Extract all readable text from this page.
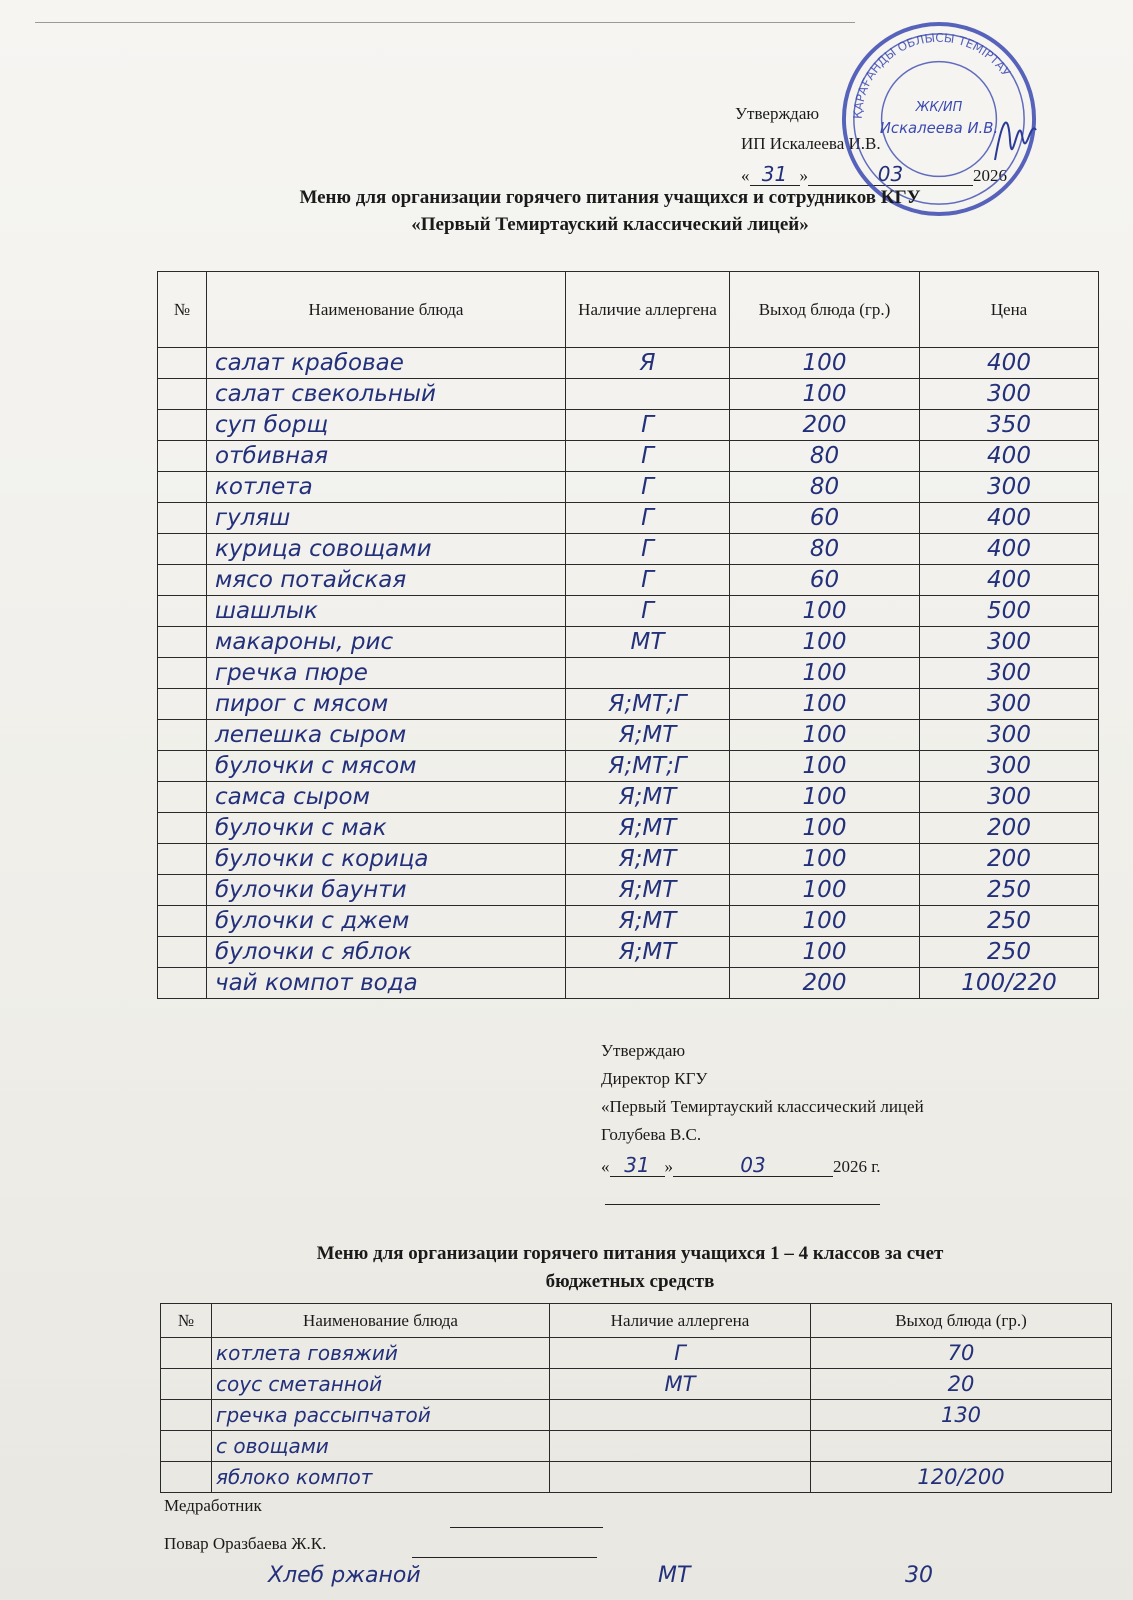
Утверждаю
ИП Искалеева И.В.
« 31 »	03	2026
ҚАРАҒАНДЫ ОБЛЫСЫ ТЕМІРТАУ
ЖК/ИП
Искалеева И.В.
Меню для организации горячего питания учащихся и сотрудников КГУ
«Первый Темиртауский классический лицей»
№	Наименование блюда	Наличие аллергена	Выход блюда (гр.)	Цена
	салат крабовае	Я	100	400
	салат свекольный		100	300
	суп борщ	Г	200	350
	отбивная	Г	80	400
	котлета	Г	80	300
	гуляш	Г	60	400
	курица совощами	Г	80	400
	мясо потайская	Г	60	400
	шашлык	Г	100	500
	макароны, рис	МТ	100	300
	гречка пюре		100	300
	пирог с мясом	Я;МТ;Г	100	300
	лепешка сыром	Я;МТ	100	300
	булочки с мясом	Я;МТ;Г	100	300
	самса сыром	Я;МТ	100	300
	булочки с мак	Я;МТ	100	200
	булочки с корица	Я;МТ	100	200
	булочки баунти	Я;МТ	100	250
	булочки с джем	Я;МТ	100	250
	булочки с яблок	Я;МТ	100	250
	чай компот вода		200	100/220
Утверждаю
Директор КГУ
«Первый Темиртауский классический лицей
Голубева В.С.
« 31 »	03	2026 г.
Меню для организации горячего питания учащихся 1 – 4 классов за счет
бюджетных средств
№	Наименование блюда	Наличие аллергена	Выход блюда (гр.)
	котлета говяжий	Г	70
	соус сметанной	МТ	20
	гречка рассыпчатой		130
	с овощами		
	яблоко компот		120/200
Медработник
Повар Оразбаева Ж.К.
Хлеб ржаной	МТ	30
